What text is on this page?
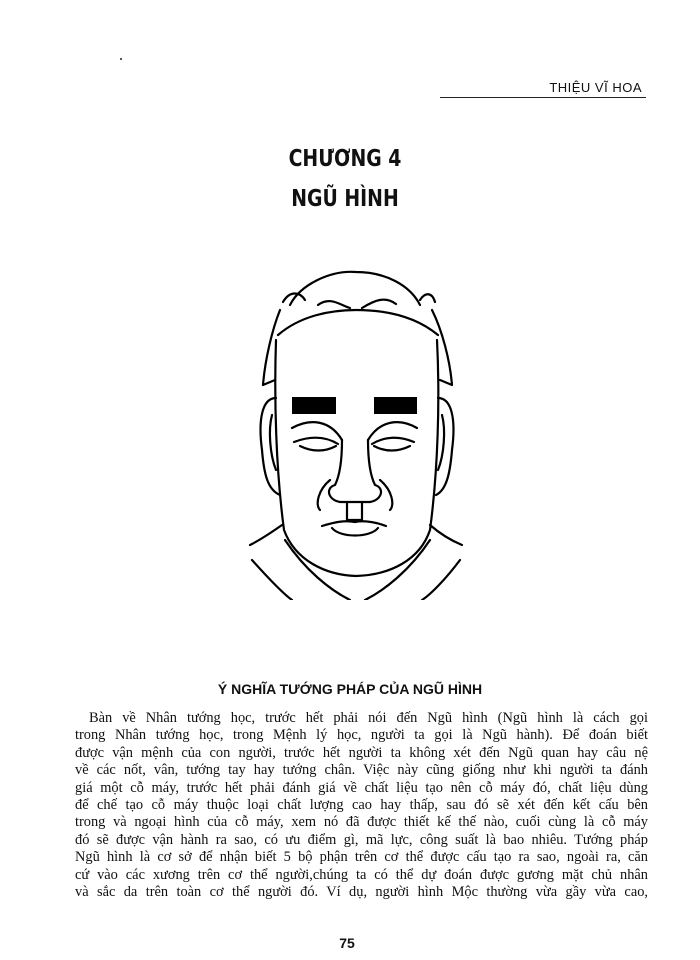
THIỆU VĨ HOA
CHƯƠNG 4
NGŨ HÌNH
Ý NGHĨA TƯỚNG PHÁP CỦA NGŨ HÌNH
Bàn về Nhân tướng học, trước hết phải nói đến Ngũ hình (Ngũ hình là cách gọi
trong Nhân tướng học, trong Mệnh lý học, người ta gọi là Ngũ hành). Để đoán biết
được vận mệnh của con người, trước hết người ta không xét đến Ngũ quan hay câu nệ
về các nốt, vân, tướng tay hay tướng chân. Việc này cũng giống như khi người ta đánh
giá một cỗ máy, trước hết phải đánh giá về chất liệu tạo nên cỗ máy đó, chất liệu dùng
để chế tạo cỗ máy thuộc loại chất lượng cao hay thấp, sau đó sẽ xét đến kết cấu bên
trong và ngoại hình của cỗ máy, xem nó đã được thiết kế thế nào, cuối cùng là cỗ máy
đó sẽ được vận hành ra sao, có ưu điểm gì, mã lực, công suất là bao nhiêu. Tướng pháp
Ngũ hình là cơ sở để nhận biết 5 bộ phận trên cơ thể được cấu tạo ra sao, ngoài ra, căn
cứ vào các xương trên cơ thể người,chúng ta có thể dự đoán được gương mặt chủ nhân
và sắc da trên toàn cơ thể người đó. Ví dụ, người hình Mộc thường vừa gầy vừa cao,
75
